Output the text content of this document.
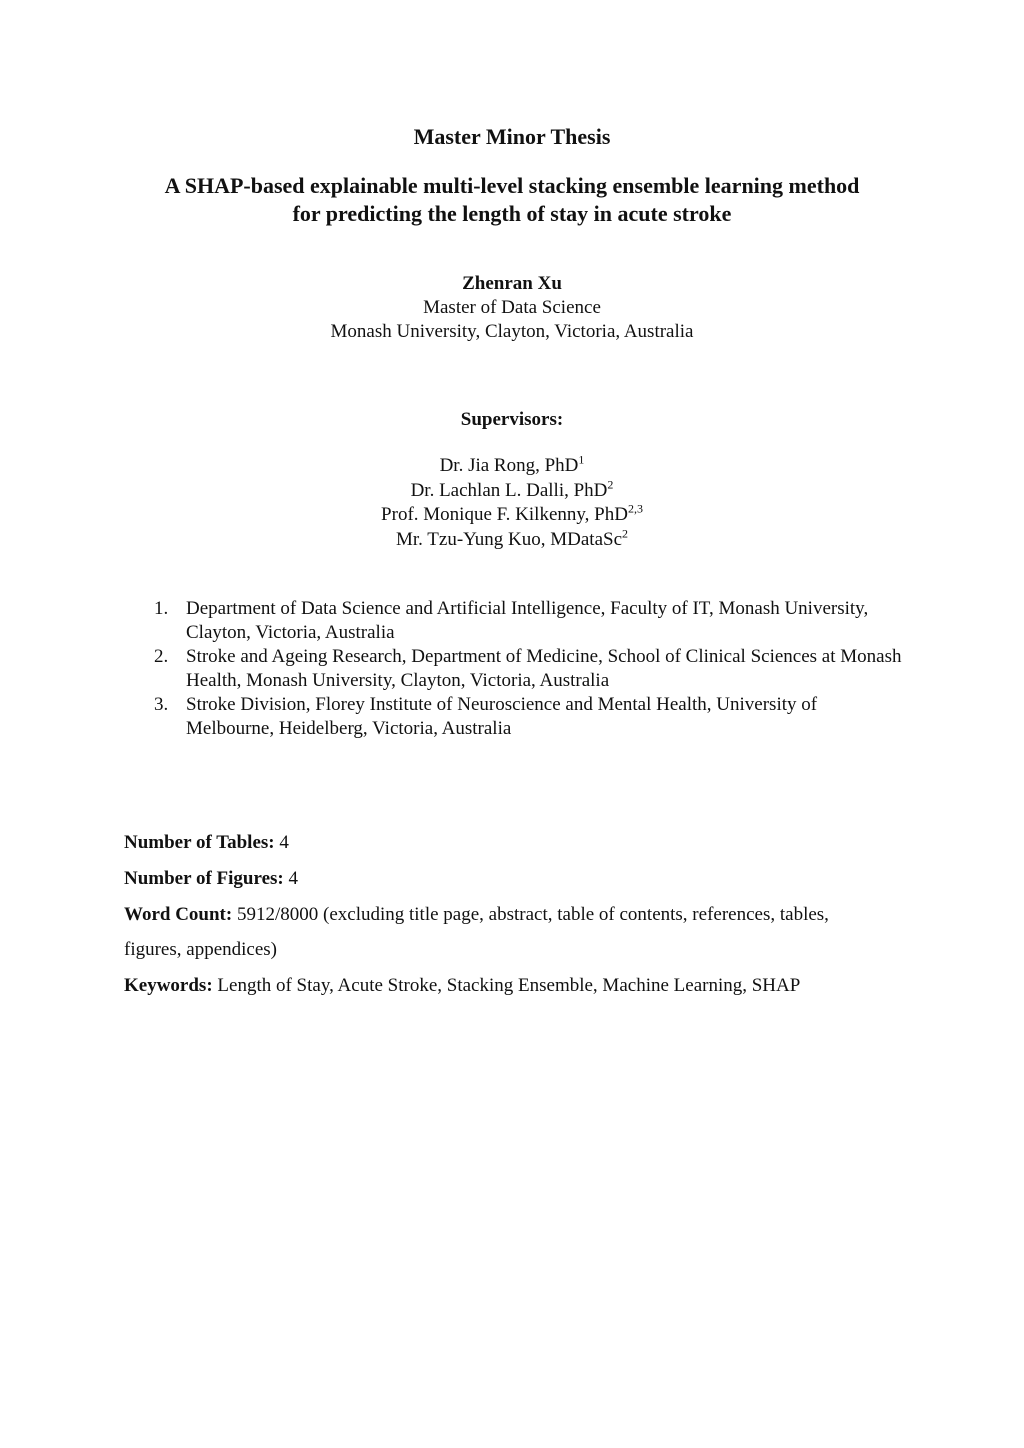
Master Minor Thesis
A SHAP-based explainable multi-level stacking ensemble learning method
for predicting the length of stay in acute stroke
Zhenran Xu
Master of Data Science
Monash University, Clayton, Victoria, Australia
Supervisors:
Dr. Jia Rong, PhD$^1$
Dr. Lachlan L. Dalli, PhD$^2$
Prof. Monique F. Kilkenny, PhD$^{2,3}$
Mr. Tzu-Yung Kuo, MDataSc$^2$
1. Department of Data Science and Artificial Intelligence, Faculty of IT, Monash University, Clayton, Victoria, Australia
2. Stroke and Ageing Research, Department of Medicine, School of Clinical Sciences at Monash Health, Monash University, Clayton, Victoria, Australia
3. Stroke Division, Florey Institute of Neuroscience and Mental Health, University of Melbourne, Heidelberg, Victoria, Australia
Number of Tables: 4
Number of Figures: 4
Word Count: 5912/8000 (excluding title page, abstract, table of contents, references, tables,
figures, appendices)
Keywords: Length of Stay, Acute Stroke, Stacking Ensemble, Machine Learning, SHAP
